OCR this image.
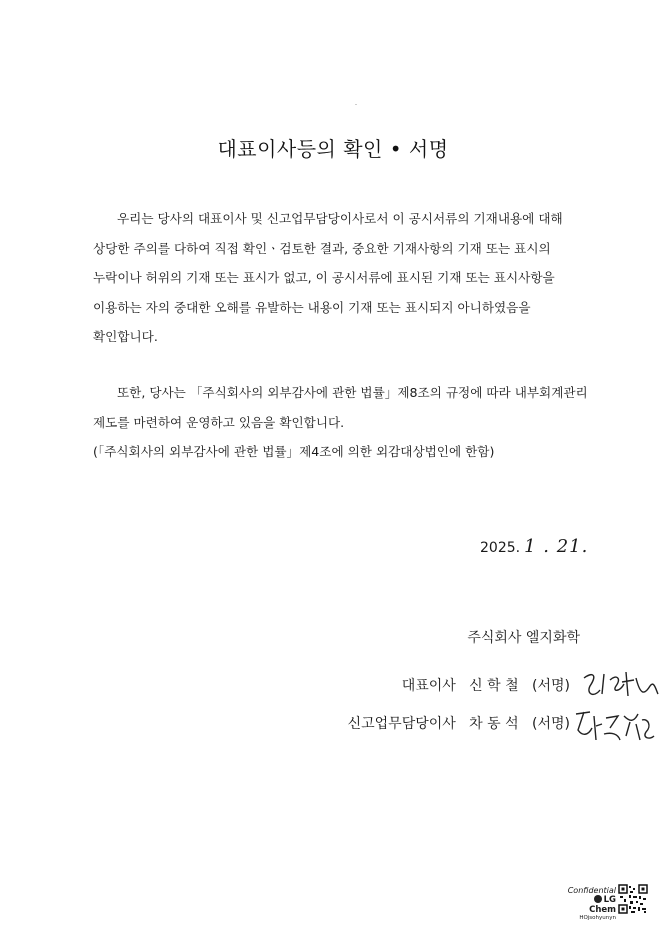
대표이사등의 확인 • 서명

우리는 당사의 대표이사 및 신고업무담당이사로서 이 공시서류의 기재내용에 대해
상당한 주의를 다하여 직접 확인ㆍ검토한 결과, 중요한 기재사항의 기재 또는 표시의
누락이나 허위의 기재 또는 표시가 없고, 이 공시서류에 표시된 기재 또는 표시사항을
이용하는 자의 중대한 오해를 유발하는 내용이 기재 또는 표시되지 아니하였음을
확인합니다.

또한, 당사는 「주식회사의 외부감사에 관한 법률」제8조의 규정에 따라 내부회계관리
제도를 마련하여 운영하고 있음을 확인합니다.
(「주식회사의 외부감사에 관한 법률」제4조에 의한 외감대상법인에 한함)

2025. 1 . 21.
주식회사 엘지화학
대표이사 신 학 철 (서명)
신고업무담당이사 차 동 석 (서명)
Confidential
LG Chem
HOjsohyunyn
